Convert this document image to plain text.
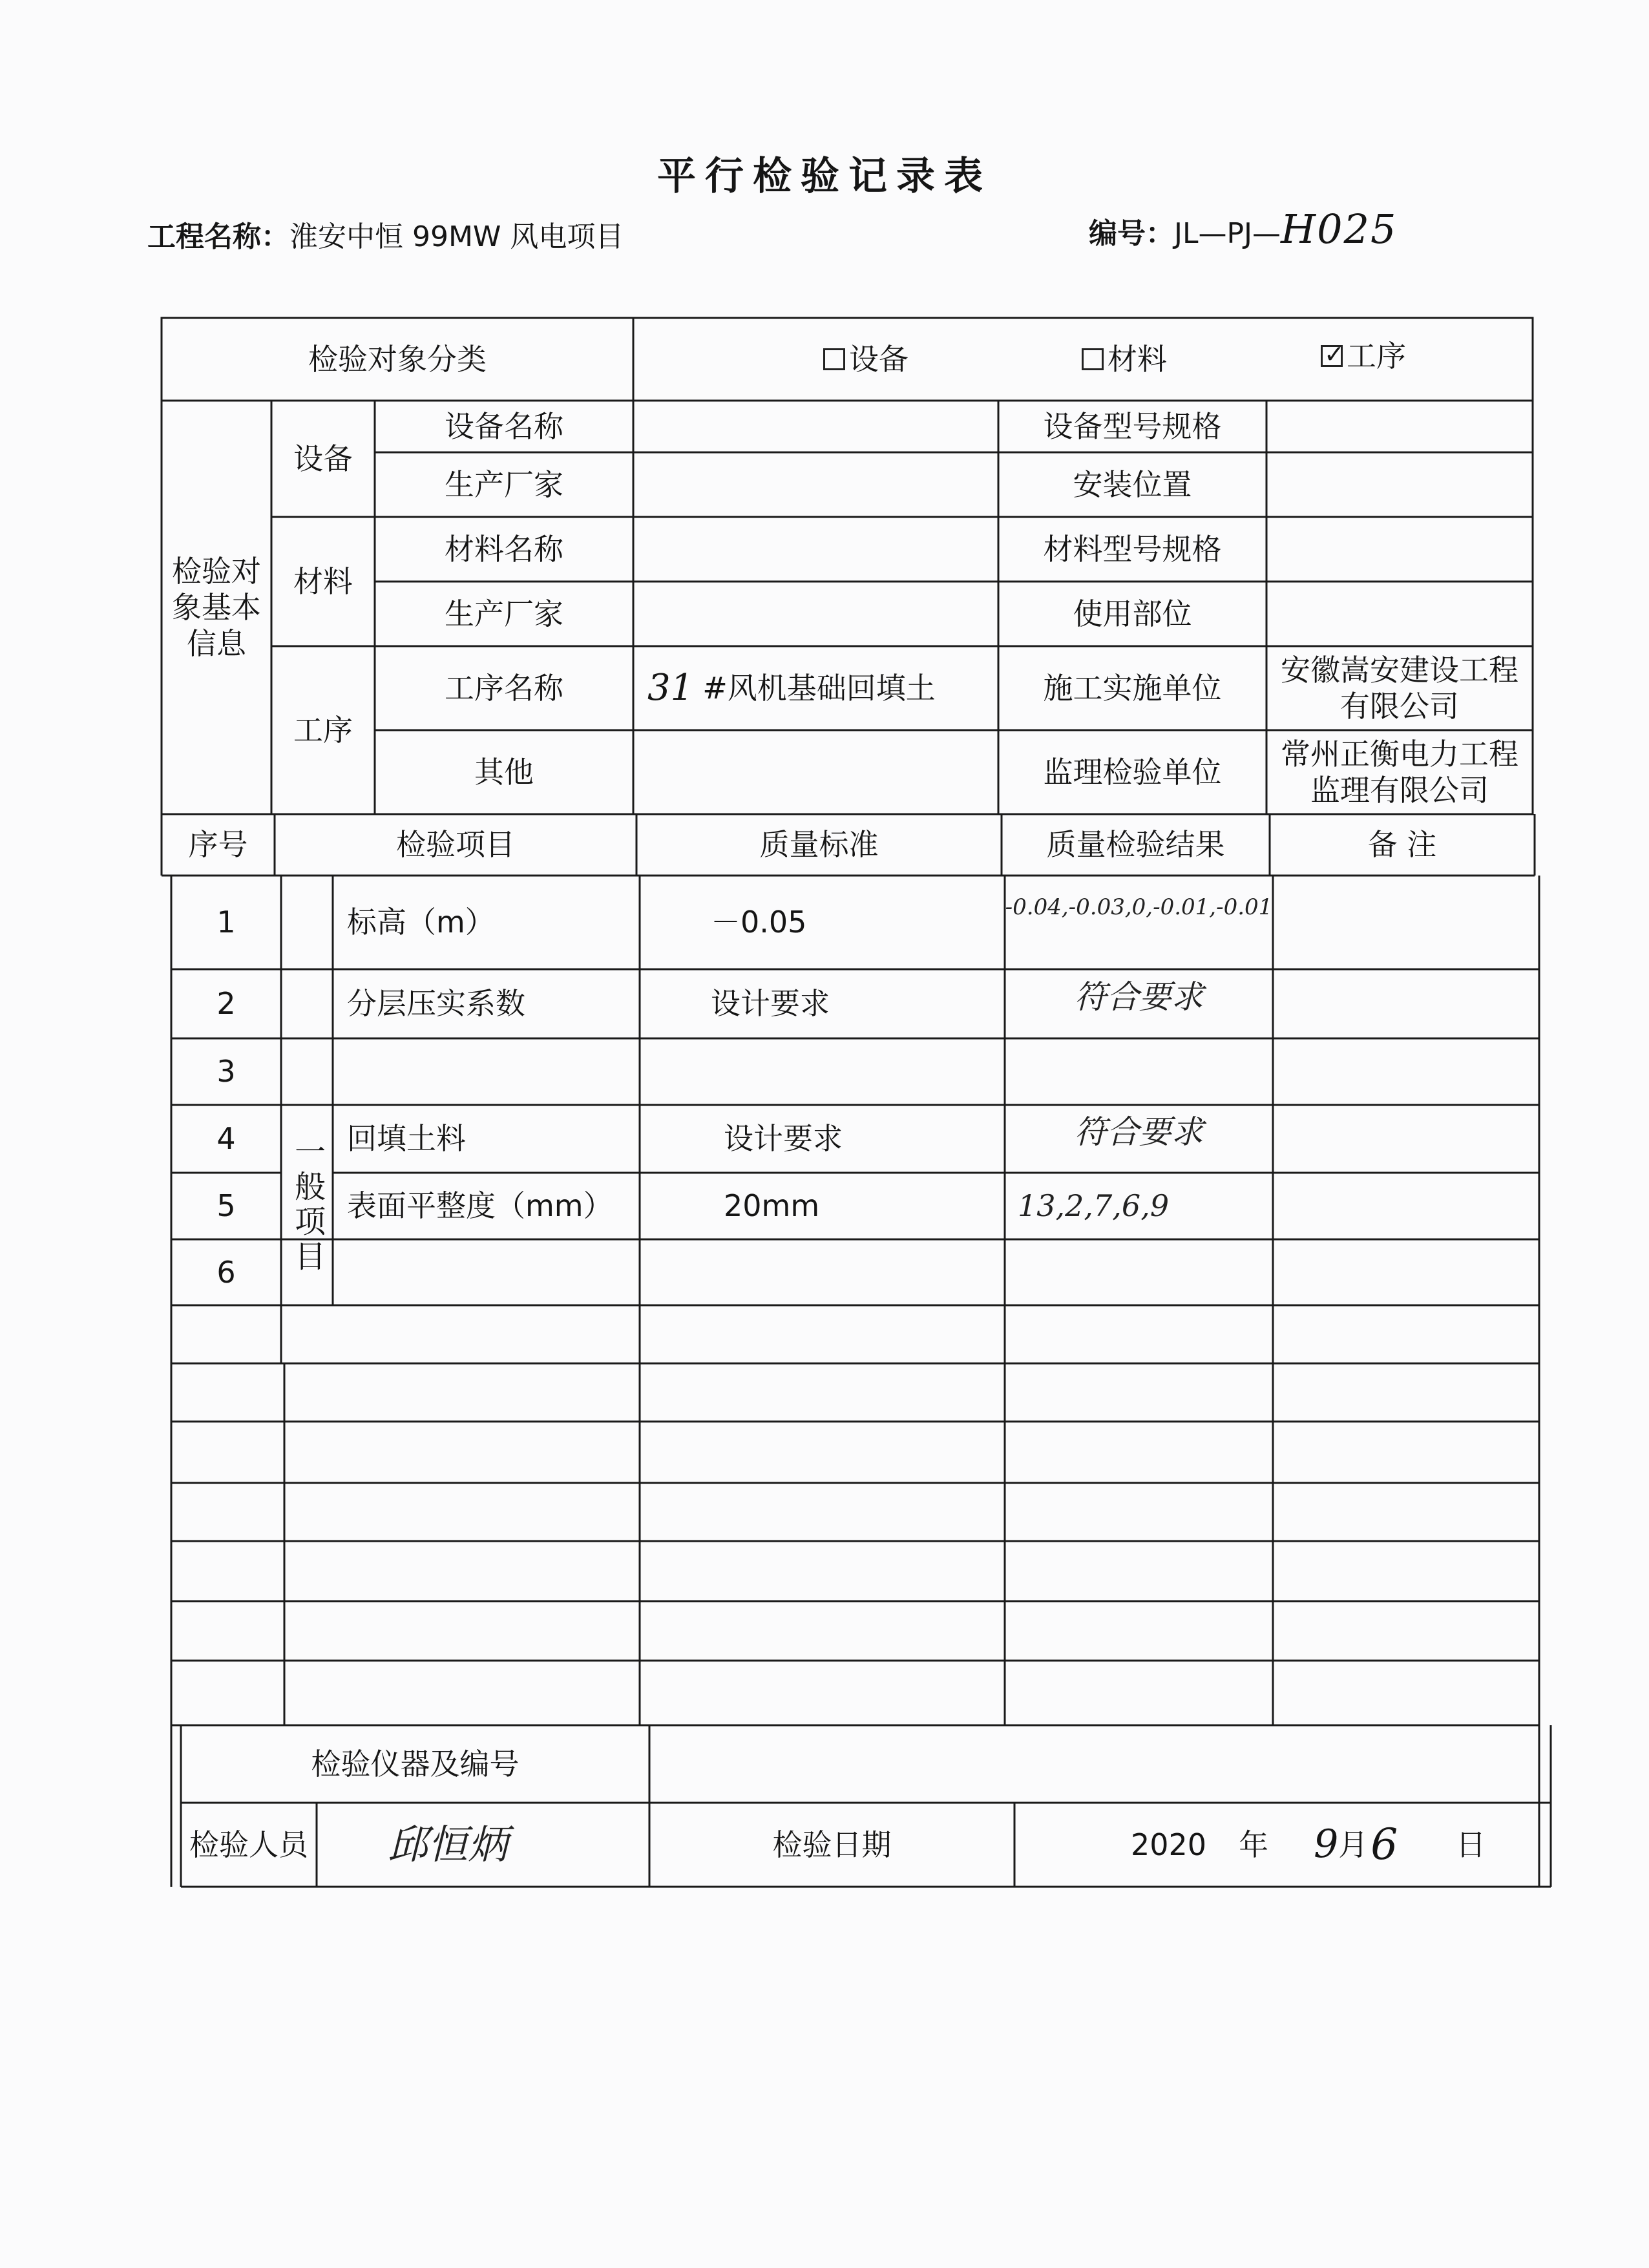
平行检验记录表
工程名称：淮安中恒 99MW 风电项目	编号：JL—PJ—H025
检验对象分类	设备	材料
✓	工序
检验对象基本信息
设备
设备名称	设备型号规格
生产厂家	安装位置
材料
材料名称	材料型号规格
生产厂家	使用部位
工序
工序名称	31 #风机基础回填土	施工实施单位
安徽嵩安建设工程有限公司
其他	监理检验单位
常州正衡电力工程监理有限公司
序号	检验项目	质量标准	质量检验结果	备 注
一般项目
1	标高（m）	－0.05	-0.04,-0.03,0,-0.01,-0.01
2	分层压实系数	设计要求	符合要求
3
4	回填土料	设计要求	符合要求
5	表面平整度（mm）	20mm	13,2,7,6,9
6
检验仪器及编号
检验人员	邱恒炳	检验日期	2020 年 9 月 6 日
